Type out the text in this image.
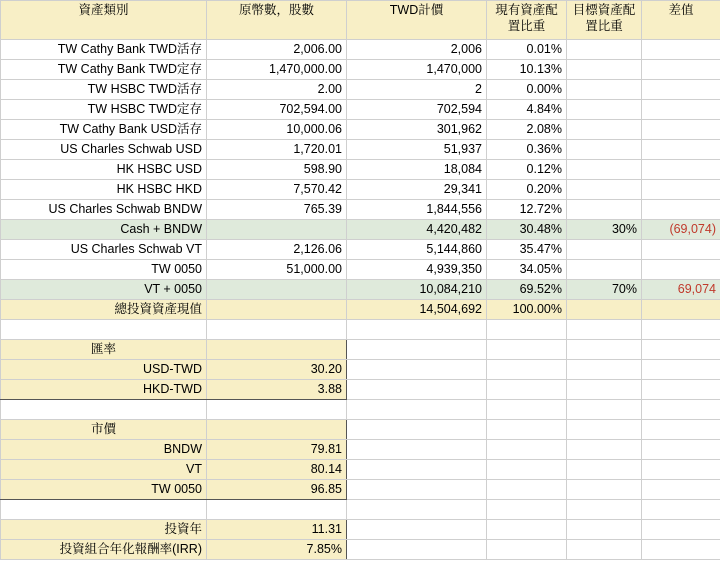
資產類別	原幣數，股數	TWD計價	現有資產配
置比重	目標資產配
置比重	差值
TW Cathy Bank TWD活存	2,006.00	2,006	0.01%		
TW Cathy Bank TWD定存	1,470,000.00	1,470,000	10.13%		
TW HSBC TWD活存	2.00	2	0.00%		
TW HSBC TWD定存	702,594.00	702,594	4.84%		
TW Cathy Bank USD活存	10,000.06	301,962	2.08%		
US Charles Schwab USD	1,720.01	51,937	0.36%		
HK HSBC USD	598.90	18,084	0.12%		
HK HSBC HKD	7,570.42	29,341	0.20%		
US Charles Schwab BNDW	765.39	1,844,556	12.72%		
Cash + BNDW		4,420,482	30.48%	30%	(69,074)
US Charles Schwab VT	2,126.06	5,144,860	35.47%		
TW 0050	51,000.00	4,939,350	34.05%		
VT + 0050		10,084,210	69.52%	70%	69,074
總投資資產現值		14,504,692	100.00%		

匯率					
USD-TWD	30.20				
HKD-TWD	3.88				

市價					
BNDW	79.81				
VT	80.14				
TW 0050	96.85				

投資年	11.31				
投資組合年化報酬率(IRR)	7.85%				
